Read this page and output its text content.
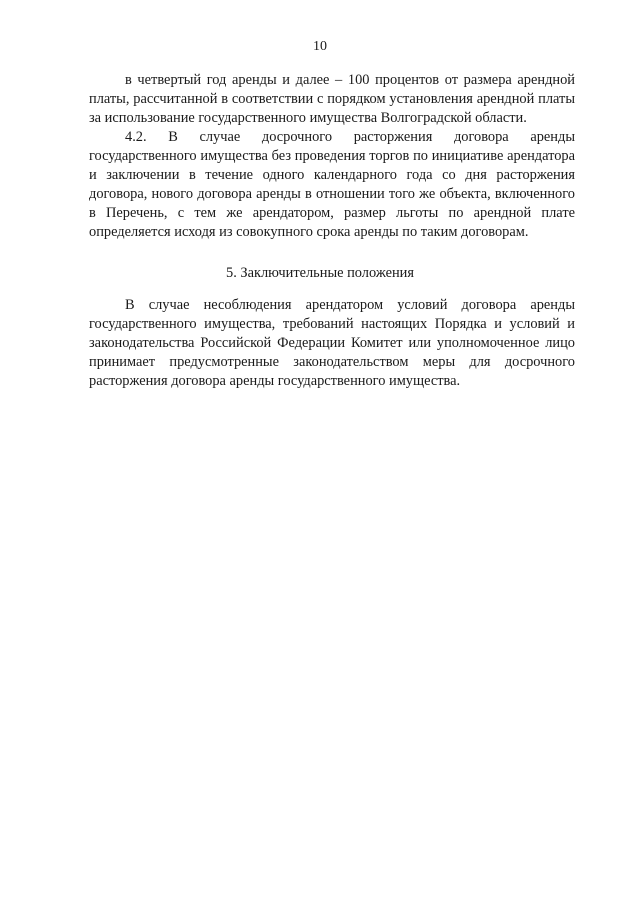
10

в четвертый год аренды и далее – 100 процентов от размера арендной платы, рассчитанной в соответствии с порядком установления арендной платы за использование государственного имущества Волгоградской области.

4.2. В случае досрочного расторжения договора аренды государственного имущества без проведения торгов по инициативе арендатора и заключении в течение одного календарного года со дня расторжения договора, нового договора аренды в отношении того же объекта, включенного в Перечень, с тем же арендатором, размер льготы по арендной плате определяется исходя из совокупного срока аренды по таким договорам.

5. Заключительные положения

В случае несоблюдения арендатором условий договора аренды государственного имущества, требований настоящих Порядка и условий и законодательства Российской Федерации Комитет или уполномоченное лицо принимает предусмотренные законодательством меры для досрочного расторжения договора аренды государственного имущества.
